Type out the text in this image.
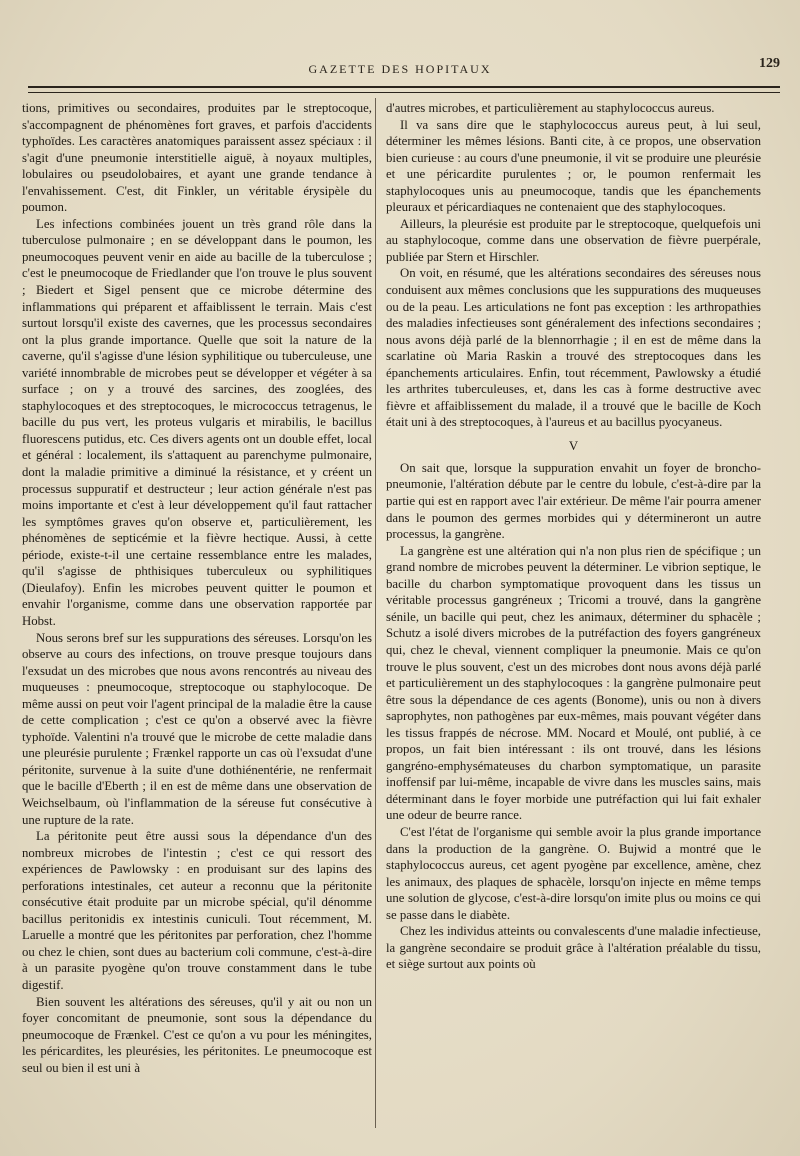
GAZETTE DES HOPITAUX	129

tions, primitives ou secondaires, produites par le streptocoque, s'accompagnent de phénomènes fort graves, et parfois d'accidents typhoïdes. Les caractères anatomiques paraissent assez spéciaux : il s'agit d'une pneumonie interstitielle aiguë, à noyaux multiples, lobulaires ou pseudolobaires, et ayant une grande tendance à l'envahissement. C'est, dit Finkler, un véritable érysipèle du poumon.

Les infections combinées jouent un très grand rôle dans la tuberculose pulmonaire ; en se développant dans le poumon, les pneumocoques peuvent venir en aide au bacille de la tuberculose ; c'est le pneumocoque de Friedlander que l'on trouve le plus souvent ; Biedert et Sigel pensent que ce microbe détermine des inflammations qui préparent et affaiblissent le terrain. Mais c'est surtout lorsqu'il existe des cavernes, que les processus secondaires ont la plus grande importance. Quelle que soit la nature de la caverne, qu'il s'agisse d'une lésion syphilitique ou tuberculeuse, une variété innombrable de microbes peut se développer et végéter à sa surface ; on y a trouvé des sarcines, des zooglées, des staphylocoques et des streptocoques, le micrococcus tetragenus, le bacille du pus vert, les proteus vulgaris et mirabilis, le bacillus fluorescens putidus, etc. Ces divers agents ont un double effet, local et général : localement, ils s'attaquent au parenchyme pulmonaire, dont la maladie primitive a diminué la résistance, et y créent un processus suppuratif et destructeur ; leur action générale n'est pas moins importante et c'est à leur développement qu'il faut rattacher les symptômes graves qu'on observe et, particulièrement, les phénomènes de septicémie et la fièvre hectique. Aussi, à cette période, existe-t-il une certaine ressemblance entre les malades, qu'il s'agisse de phthisiques tuberculeux ou syphilitiques (Dieulafoy). Enfin les microbes peuvent quitter le poumon et envahir l'organisme, comme dans une observation rapportée par Hobst.

Nous serons bref sur les suppurations des séreuses. Lorsqu'on les observe au cours des infections, on trouve presque toujours dans l'exsudat un des microbes que nous avons rencontrés au niveau des muqueuses : pneumocoque, streptocoque ou staphylocoque. De même aussi on peut voir l'agent principal de la maladie être la cause de cette complication ; c'est ce qu'on a observé avec la fièvre typhoïde. Valentini n'a trouvé que le microbe de cette maladie dans une pleurésie purulente ; Frænkel rapporte un cas où l'exsudat d'une péritonite, survenue à la suite d'une dothiénentérie, ne renfermait que le bacille d'Eberth ; il en est de même dans une observation de Weichselbaum, où l'inflammation de la séreuse fut consécutive à une rupture de la rate.

La péritonite peut être aussi sous la dépendance d'un des nombreux microbes de l'intestin ; c'est ce qui ressort des expériences de Pawlowsky : en produisant sur des lapins des perforations intestinales, cet auteur a reconnu que la péritonite consécutive était produite par un microbe spécial, qu'il dénomme bacillus peritonidis ex intestinis cuniculi. Tout récemment, M. Laruelle a montré que les péritonites par perforation, chez l'homme ou chez le chien, sont dues au bacterium coli commune, c'est-à-dire à un parasite pyogène qu'on trouve constamment dans le tube digestif.

Bien souvent les altérations des séreuses, qu'il y ait ou non un foyer concomitant de pneumonie, sont sous la dépendance du pneumocoque de Frænkel. C'est ce qu'on a vu pour les méningites, les péricardites, les pleurésies, les péritonites. Le pneumocoque est seul ou bien il est uni à

d'autres microbes, et particulièrement au staphylococcus aureus.

Il va sans dire que le staphylococcus aureus peut, à lui seul, déterminer les mêmes lésions. Banti cite, à ce propos, une observation bien curieuse : au cours d'une pneumonie, il vit se produire une pleurésie et une péricardite purulentes ; or, le poumon renfermait les staphylocoques unis au pneumocoque, tandis que les épanchements pleuraux et péricardiaques ne contenaient que des staphylocoques.

Ailleurs, la pleurésie est produite par le streptocoque, quelquefois uni au staphylocoque, comme dans une observation de fièvre puerpérale, publiée par Stern et Hirschler.

On voit, en résumé, que les altérations secondaires des séreuses nous conduisent aux mêmes conclusions que les suppurations des muqueuses ou de la peau. Les articulations ne font pas exception : les arthropathies des maladies infectieuses sont généralement des infections secondaires ; nous avons déjà parlé de la blennorrhagie ; il en est de même dans la scarlatine où Maria Raskin a trouvé des streptocoques dans les épanchements articulaires. Enfin, tout récemment, Pawlowsky a étudié les arthrites tuberculeuses, et, dans les cas à forme destructive avec fièvre et affaiblissement du malade, il a trouvé que le bacille de Koch était uni à des streptocoques, à l'aureus et au bacillus pyocyaneus.

V

On sait que, lorsque la suppuration envahit un foyer de broncho-pneumonie, l'altération débute par le centre du lobule, c'est-à-dire par la partie qui est en rapport avec l'air extérieur. De même l'air pourra amener dans le poumon des germes morbides qui y détermineront un autre processus, la gangrène.

La gangrène est une altération qui n'a non plus rien de spécifique ; un grand nombre de microbes peuvent la déterminer. Le vibrion septique, le bacille du charbon symptomatique provoquent dans les tissus un véritable processus gangréneux ; Tricomi a trouvé, dans la gangrène sénile, un bacille qui peut, chez les animaux, déterminer du sphacèle ; Schutz a isolé divers microbes de la putréfaction des foyers gangréneux qui, chez le cheval, viennent compliquer la pneumonie. Mais ce qu'on trouve le plus souvent, c'est un des microbes dont nous avons déjà parlé et particulièrement un des staphylocoques : la gangrène pulmonaire peut être sous la dépendance de ces agents (Bonome), unis ou non à divers saprophytes, non pathogènes par eux-mêmes, mais pouvant végéter dans les tissus frappés de nécrose. MM. Nocard et Moulé, ont publié, à ce propos, un fait bien intéressant : ils ont trouvé, dans les lésions gangréno-emphysémateuses du charbon symptomatique, un parasite inoffensif par lui-même, incapable de vivre dans les muscles sains, mais déterminant dans le foyer morbide une putréfaction qui lui fait exhaler une odeur de beurre rance.

C'est l'état de l'organisme qui semble avoir la plus grande importance dans la production de la gangrène. O. Bujwid a montré que le staphylococcus aureus, cet agent pyogène par excellence, amène, chez les animaux, des plaques de sphacèle, lorsqu'on injecte en même temps une solution de glycose, c'est-à-dire lorsqu'on imite plus ou moins ce qui se passe dans le diabète.

Chez les individus atteints ou convalescents d'une maladie infectieuse, la gangrène secondaire se produit grâce à l'altération préalable du tissu, et siège surtout aux points où
